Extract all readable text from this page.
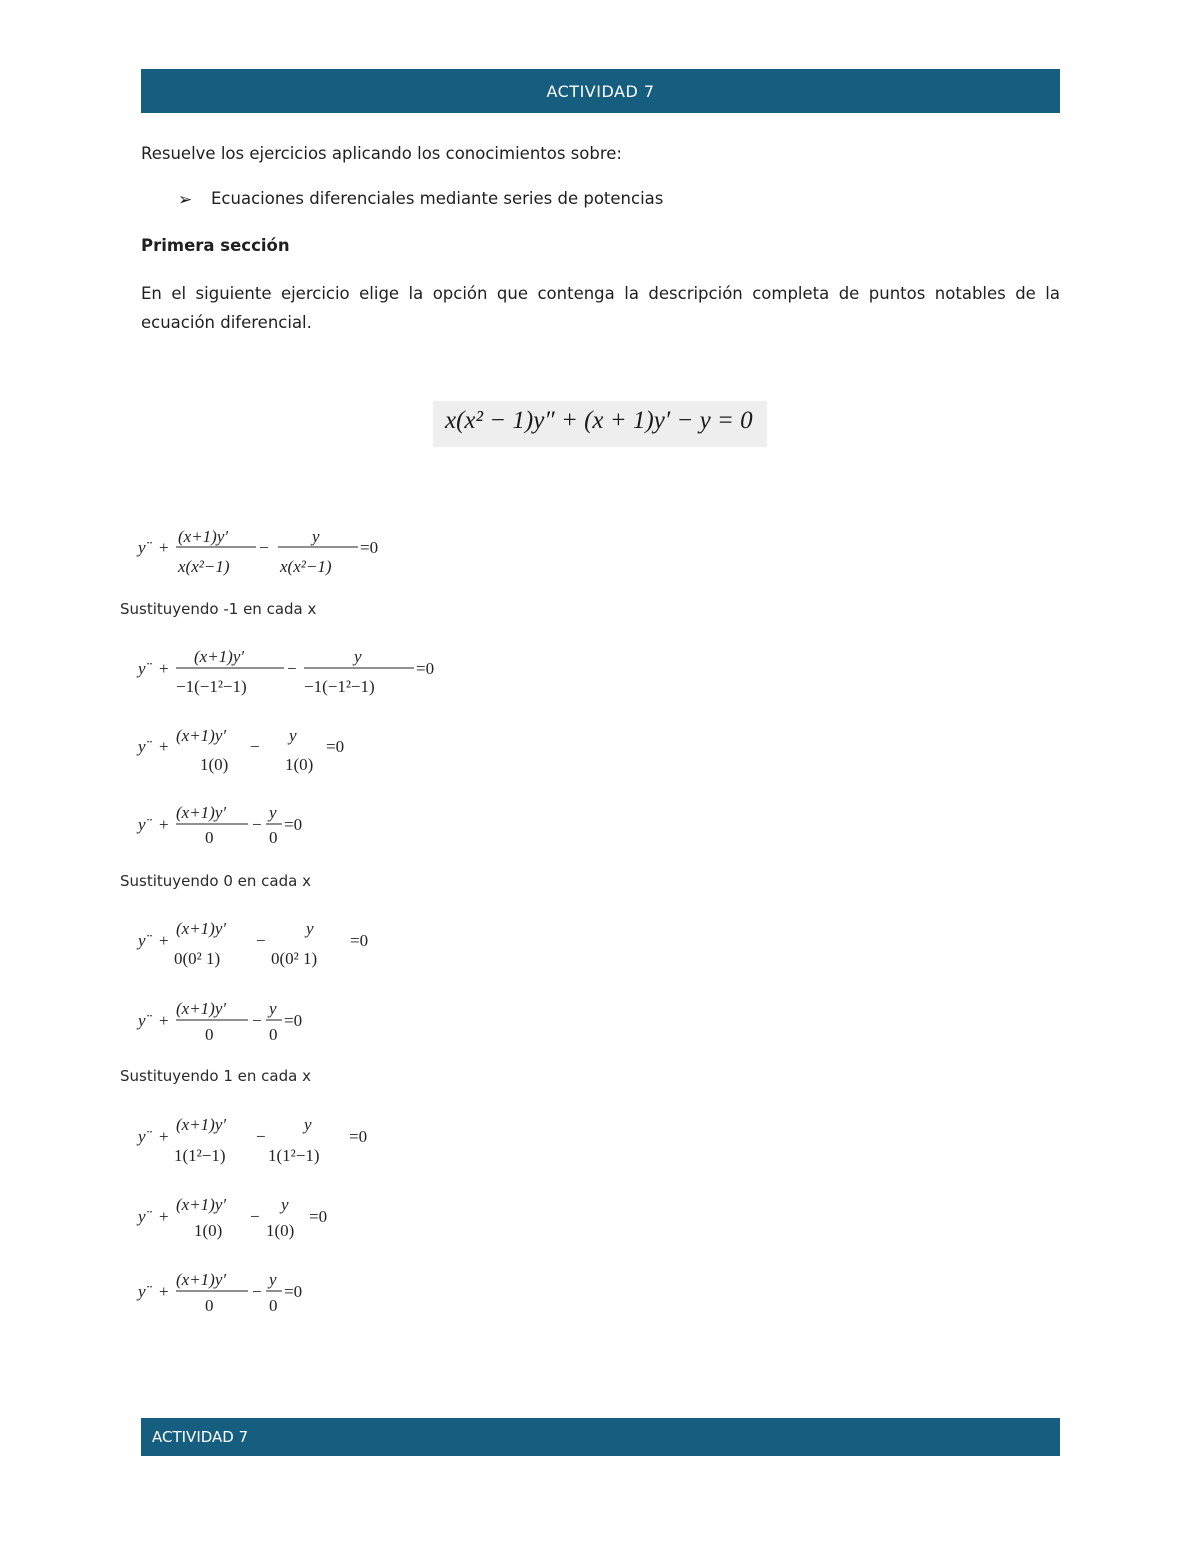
ACTIVIDAD 7
Resuelve los ejercicios aplicando los conocimientos sobre:
➢ Ecuaciones diferenciales mediante series de potencias
Primera sección
En el siguiente ejercicio elige la opción que contenga la descripción completa de puntos notables de la ecuación diferencial.
x(x² − 1)y″ + (x + 1)y′ − y = 0
Sustituyendo -1 en cada x
Sustituyendo 0 en cada x
Sustituyendo 1 en cada x
y¨ +
(x+1)y′
x(x²−1)
−
y
x(x²−1)
=0
y¨ +
(x+1)y′
−1(−1²−1)
−
y
−1(−1²−1)
=0
y¨ +
(x+1)y′
1(0)
−
y
1(0)
=0
y¨ +
(x+1)y′
0
−
y
0
=0
y¨ +
(x+1)y′
0(0² 1)
−
y
0(0² 1)
=0
y¨ +
(x+1)y′
0
−
y
0
=0
y¨ +
(x+1)y′
1(1²−1)
−
y
1(1²−1)
=0
y¨ +
(x+1)y′
1(0)
−
y
1(0)
=0
y¨ +
(x+1)y′
0
−
y
0
=0
ACTIVIDAD 7
